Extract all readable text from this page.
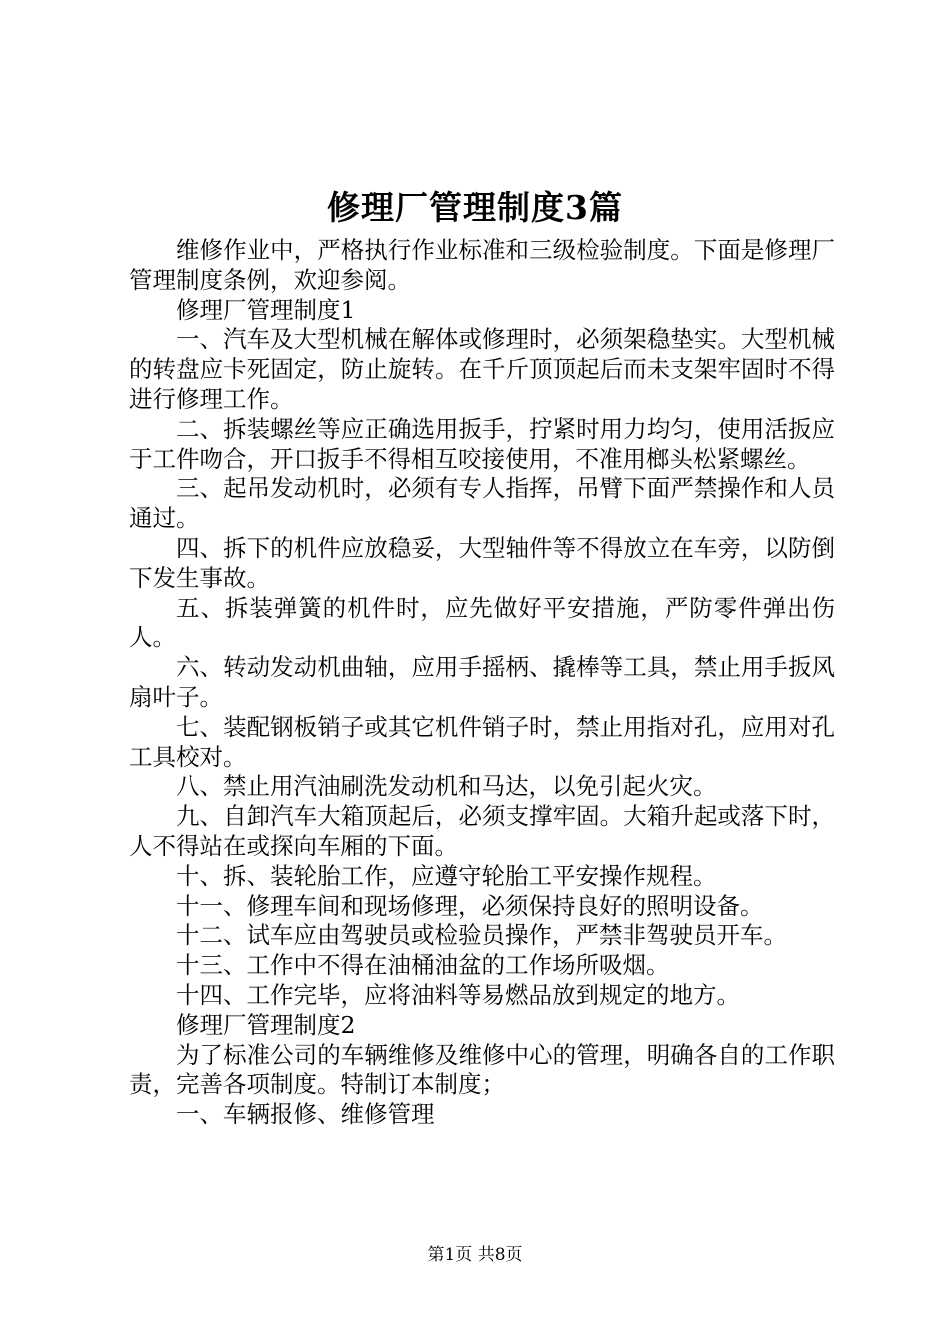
修理厂管理制度3篇

维修作业中，严格执行作业标准和三级检验制度。下面是修理厂管理制度条例，欢迎参阅。

修理厂管理制度1

一、汽车及大型机械在解体或修理时，必须架稳垫实。大型机械的转盘应卡死固定，防止旋转。在千斤顶顶起后而未支架牢固时不得进行修理工作。

二、拆装螺丝等应正确选用扳手，拧紧时用力均匀，使用活扳应于工件吻合，开口扳手不得相互咬接使用，不准用榔头松紧螺丝。

三、起吊发动机时，必须有专人指挥，吊臂下面严禁操作和人员通过。

四、拆下的机件应放稳妥，大型轴件等不得放立在车旁，以防倒下发生事故。

五、拆装弹簧的机件时，应先做好平安措施，严防零件弹出伤人。

六、转动发动机曲轴，应用手摇柄、撬棒等工具，禁止用手扳风扇叶子。

七、装配钢板销子或其它机件销子时，禁止用指对孔，应用对孔工具校对。

八、禁止用汽油刷洗发动机和马达，以免引起火灾。

九、自卸汽车大箱顶起后，必须支撑牢固。大箱升起或落下时，人不得站在或探向车厢的下面。

十、拆、装轮胎工作，应遵守轮胎工平安操作规程。

十一、修理车间和现场修理，必须保持良好的照明设备。

十二、试车应由驾驶员或检验员操作，严禁非驾驶员开车。

十三、工作中不得在油桶油盆的工作场所吸烟。

十四、工作完毕，应将油料等易燃品放到规定的地方。

修理厂管理制度2

为了标准公司的车辆维修及维修中心的管理，明确各自的工作职责，完善各项制度。特制订本制度；

一、车辆报修、维修管理

第1页 共8页
